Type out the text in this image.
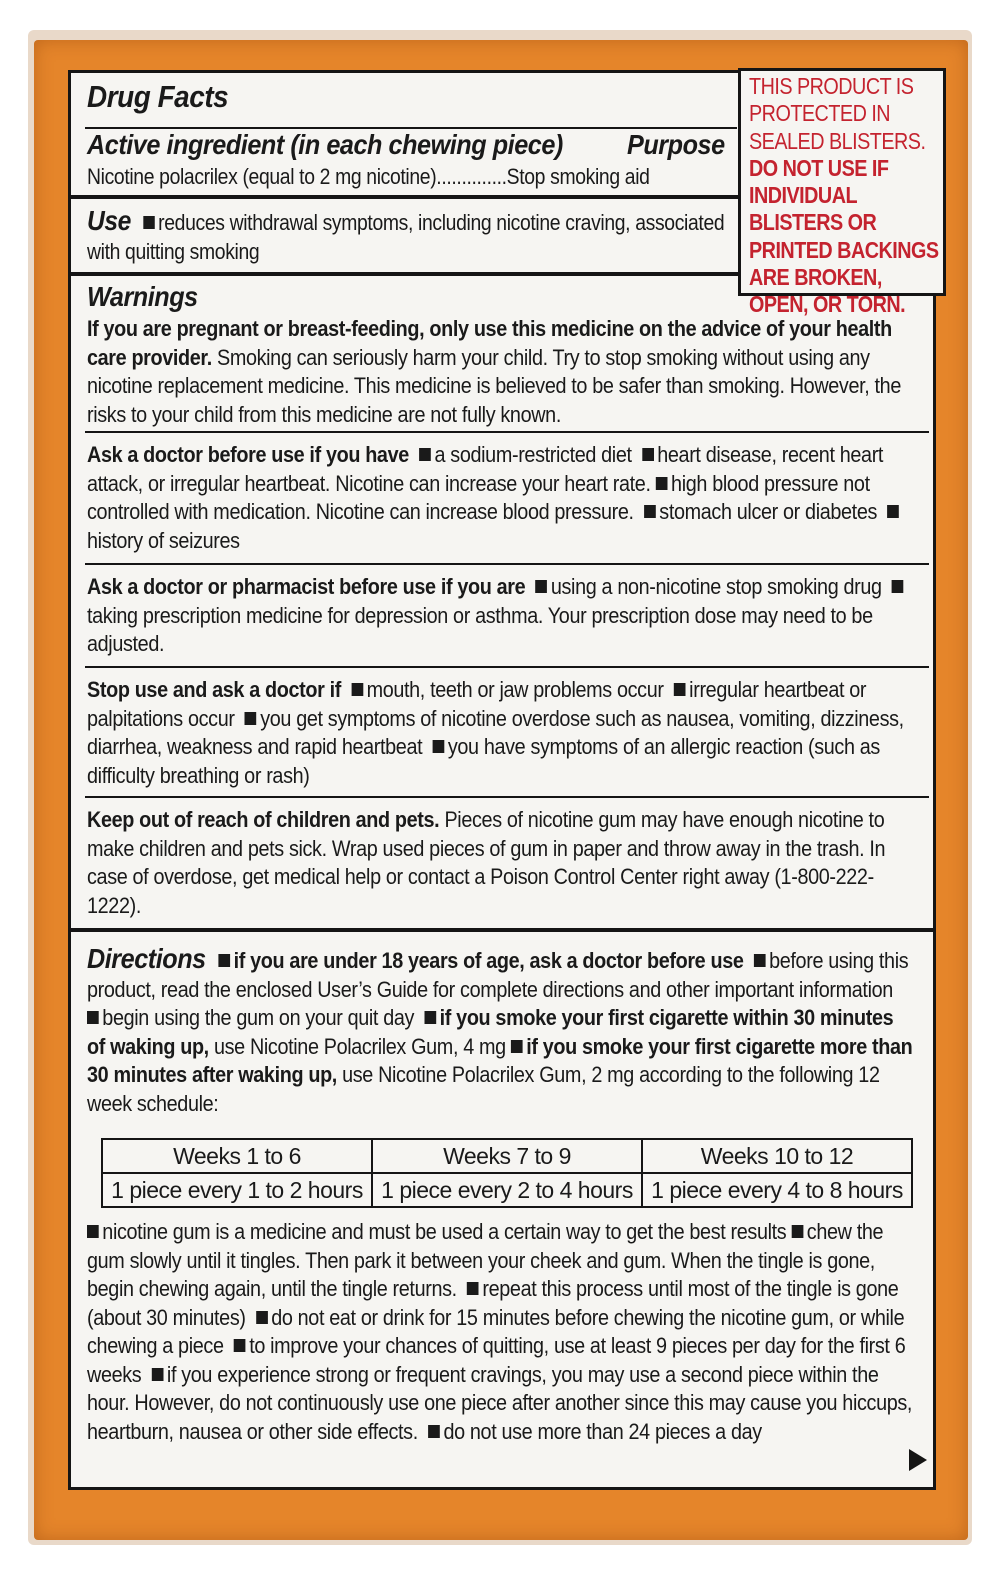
Drug Facts
Active ingredient (in each chewing piece) Purpose
Nicotine polacrilex (equal to 2 mg nicotine)..............Stop smoking aid
Use reduces withdrawal symptoms, including nicotine craving, associated with quitting smoking
Warnings
If you are pregnant or breast-feeding, only use this medicine on the advice of your health care provider. Smoking can seriously harm your child. Try to stop smoking without using any nicotine replacement medicine. This medicine is believed to be safer than smoking. However, the risks to your child from this medicine are not fully known.
Ask a doctor before use if you have a sodium-restricted diet heart disease, recent heart attack, or irregular heartbeat. Nicotine can increase your heart rate. high blood pressure not controlled with medication. Nicotine can increase blood pressure. stomach ulcer or diabetes  history of seizures
Ask a doctor or pharmacist before use if you are using a non-nicotine stop smoking drug  taking prescription medicine for depression or asthma. Your prescription dose may need to be adjusted.
Stop use and ask a doctor if mouth, teeth or jaw problems occur irregular heartbeat or palpitations occur you get symptoms of nicotine overdose such as nausea, vomiting, dizziness, diarrhea, weakness and rapid heartbeat you have symptoms of an allergic reaction (such as difficulty breathing or rash)
Keep out of reach of children and pets. Pieces of nicotine gum may have enough nicotine to make children and pets sick. Wrap used pieces of gum in paper and throw away in the trash. In case of overdose, get medical help or contact a Poison Control Center right away (1-800-222-1222).
Directions if you are under 18 years of age, ask a doctor before use before using this product, read the enclosed User’s Guide for complete directions and other important information  begin using the gum on your quit day if you smoke your first cigarette within 30 minutes of waking up, use Nicotine Polacrilex Gum, 4 mg if you smoke your first cigarette more than 30 minutes after waking up, use Nicotine Polacrilex Gum, 2 mg according to the following 12 week schedule:
Weeks 1 to 6	Weeks 7 to 9	Weeks 10 to 12
1 piece every 1 to 2 hours	1 piece every 2 to 4 hours	1 piece every 4 to 8 hours
nicotine gum is a medicine and must be used a certain way to get the best results chew the gum slowly until it tingles. Then park it between your cheek and gum. When the tingle is gone, begin chewing again, until the tingle returns. repeat this process until most of the tingle is gone (about 30 minutes) do not eat or drink for 15 minutes before chewing the nicotine gum, or while chewing a piece to improve your chances of quitting, use at least 9 pieces per day for the first 6 weeks if you experience strong or frequent cravings, you may use a second piece within the hour. However, do not continuously use one piece after another since this may cause you hiccups, heartburn, nausea or other side effects. do not use more than 24 pieces a day
THIS PRODUCT IS PROTECTED IN SEALED BLISTERS. DO NOT USE IF INDIVIDUAL BLISTERS OR PRINTED BACKINGS ARE BROKEN, OPEN, OR TORN.
